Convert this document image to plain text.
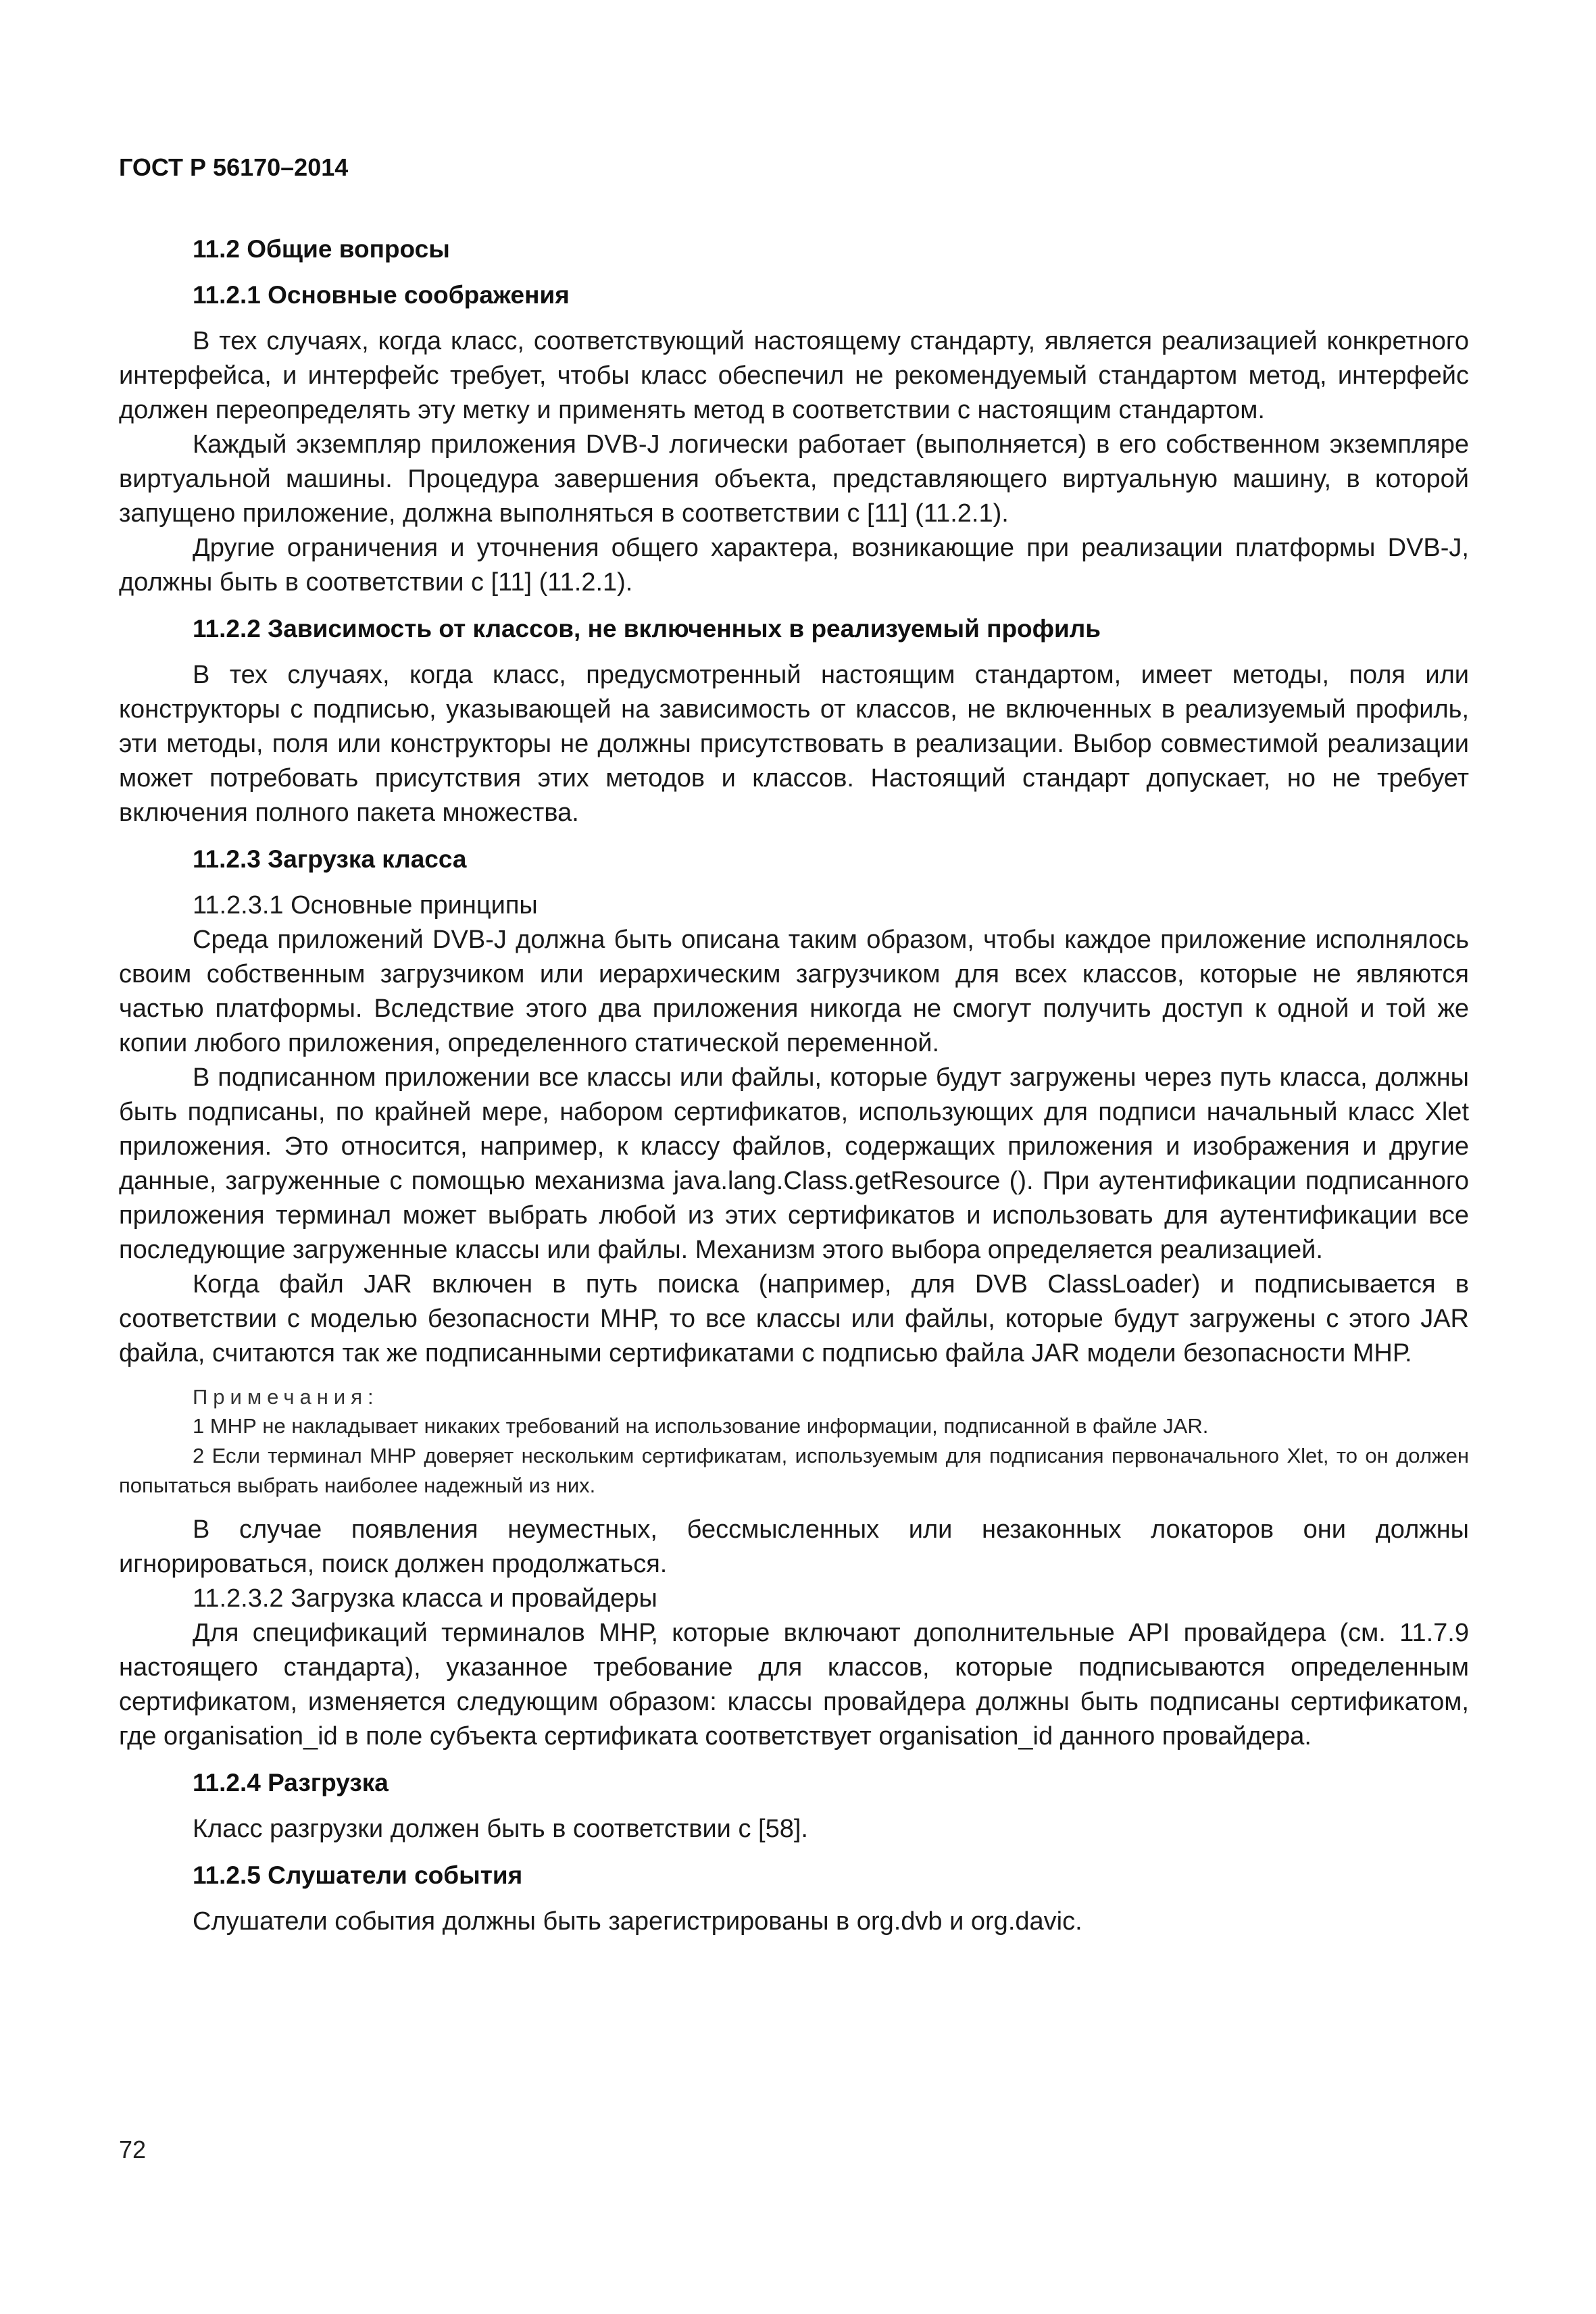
ГОСТ Р 56170–2014

11.2 Общие вопросы

11.2.1 Основные соображения

В тех случаях, когда класс, соответствующий настоящему стандарту, является реализацией конкретного интерфейса, и интерфейс требует, чтобы класс обеспечил не рекомендуемый стандартом метод, интерфейс должен переопределять эту метку и применять метод в соответствии с настоящим стандартом.

Каждый экземпляр приложения DVB-J логически работает (выполняется) в его собственном экземпляре виртуальной машины. Процедура завершения объекта, представляющего виртуальную машину, в которой запущено приложение, должна выполняться в соответствии с [11] (11.2.1).

Другие ограничения и уточнения общего характера, возникающие при реализации платформы DVB-J, должны быть в соответствии с [11] (11.2.1).

11.2.2 Зависимость от классов, не включенных в реализуемый профиль

В тех случаях, когда класс, предусмотренный настоящим стандартом, имеет методы, поля или конструкторы с подписью, указывающей на зависимость от классов, не включенных в реализуемый профиль, эти методы, поля или конструкторы не должны присутствовать в реализации. Выбор совместимой реализации может потребовать присутствия этих методов и классов. Настоящий стандарт допускает, но не требует включения полного пакета множества.

11.2.3 Загрузка класса

11.2.3.1 Основные принципы

Среда приложений DVB-J должна быть описана таким образом, чтобы каждое приложение исполнялось своим собственным загрузчиком или иерархическим загрузчиком для всех классов, которые не являются частью платформы. Вследствие этого два приложения никогда не смогут получить доступ к одной и той же копии любого приложения, определенного статической переменной.

В подписанном приложении все классы или файлы, которые будут загружены через путь класса, должны быть подписаны, по крайней мере, набором сертификатов, использующих для подписи начальный класс Xlet приложения. Это относится, например, к классу файлов, содержащих приложения и изображения и другие данные, загруженные с помощью механизма java.lang.Class.getResource (). При аутентификации подписанного приложения терминал может выбрать любой из этих сертификатов и использовать для аутентификации все последующие загруженные классы или файлы. Механизм этого выбора определяется реализацией.

Когда файл JAR включен в путь поиска (например, для DVB ClassLoader) и подписывается в соответствии с моделью безопасности МНР, то все классы или файлы, которые будут загружены с этого JAR файла, считаются так же подписанными сертификатами с подписью файла JAR модели безопасности МНР.

Примечания:

1 МНР не накладывает никаких требований на использование информации, подписанной в файле JAR.

2 Если терминал МНР доверяет нескольким сертификатам, используемым для подписания первоначального Xlet, то он должен попытаться выбрать наиболее надежный из них.

В случае появления неуместных, бессмысленных или незаконных локаторов они должны игнорироваться, поиск должен продолжаться.

11.2.3.2 Загрузка класса и провайдеры

Для спецификаций терминалов МНР, которые включают дополнительные API провайдера (см. 11.7.9 настоящего стандарта), указанное требование для классов, которые подписываются определенным сертификатом, изменяется следующим образом: классы провайдера должны быть подписаны сертификатом, где organisation_id в поле субъекта сертификата соответствует organisation_id данного провайдера.

11.2.4 Разгрузка

Класс разгрузки должен быть в соответствии с [58].

11.2.5 Слушатели события

Слушатели события должны быть зарегистрированы в org.dvb и org.davic.

72
